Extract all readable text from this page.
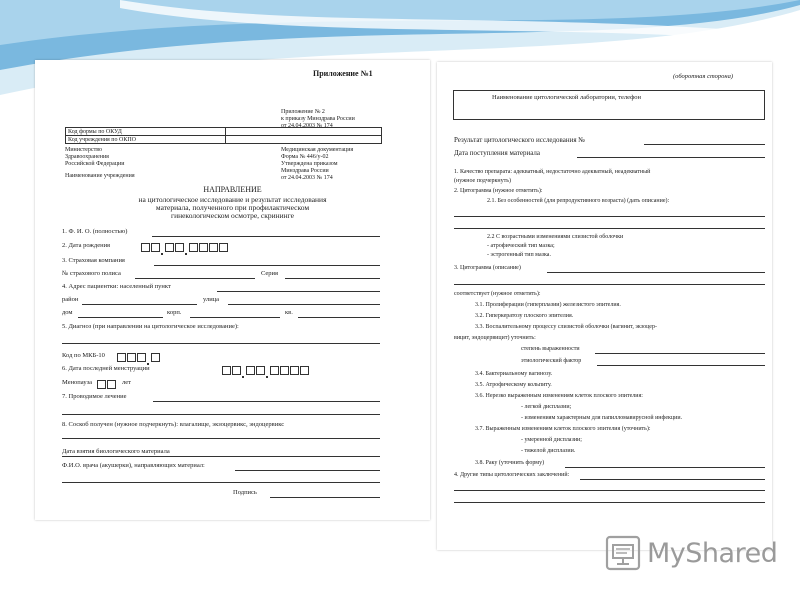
Приложение №1
Приложение № 2
к приказу Минздрава России
от 24.04.2003 № 174
Код формы по ОКУД	
Код учреждения по ОКПО	
Министерство
Здравоохранения
Российской Федерации
Медицинская документация
Форма № 446/у-02
Утверждена приказом
Минздрава России
от 24.04.2003 № 174
Наименование учреждения
НАПРАВЛЕНИЕ
на цитологическое исследование и результат исследования
материала, полученного при профилактическом
гинекологическом осмотре, скрининге
1. Ф. И. О. (полностью)
2. Дата рождения
3. Страховая компания
№ страхового полиса	Серия
4. Адрес пациентки: населенный пункт
район	улица
дом	корп.	кв.
5. Диагноз (при направлении на цитологическое исследование):
Код по МКБ-10
6. Дата последней менструации
Менопауза	лет
7. Проводимое лечение
8. Соскоб получен (нужное подчеркнуть): влагалище, экзоцервикс, эндоцервикс
Дата взятия биологического материала
Ф.И.О. врача (акушерки), направляющих материал:
Подпись
(оборотная сторона)
Наименование цитологической лаборатории, телефон
Результат цитологического исследования №
Дата поступления материала
1. Качество препарата: адекватный, недостаточно адекватный, неадекватный
(нужное подчеркнуть)
2. Цитограмма (нужное отметить):
2.1. Без особенностей (для репродуктивного возраста) (дать описание):
2.2 С возрастными изменениями слизистой оболочки
- атрофический тип мазка;
- эстрогенный тип мазка.
3. Цитограмма (описание)
соответствует (нужное отметить):
3.1. Пролиферации (гиперплазии) железистого эпителия.
3.2. Гиперкератозу плоского эпителия.
3.3. Воспалительному процессу слизистой оболочки (вагинит, экзоцер-
вицит, эндоцервицит) уточнить:
степень выраженности
этиологический фактор
3.4. Бактериальному вагинозу.
3.5. Атрофическому кольпиту.
3.6. Нерезко выраженным изменениям клеток плоского эпителия:
- легкой дисплазии;
- изменениям характерным для папилломавирусной инфекции.
3.7. Выраженным изменениям клеток плоского эпителия (уточнить):
- умеренной дисплазии;
- тяжелой дисплазии.
3.8. Раку (уточнить форму)
4. Другие типы цитологических заключений:
MyShared
